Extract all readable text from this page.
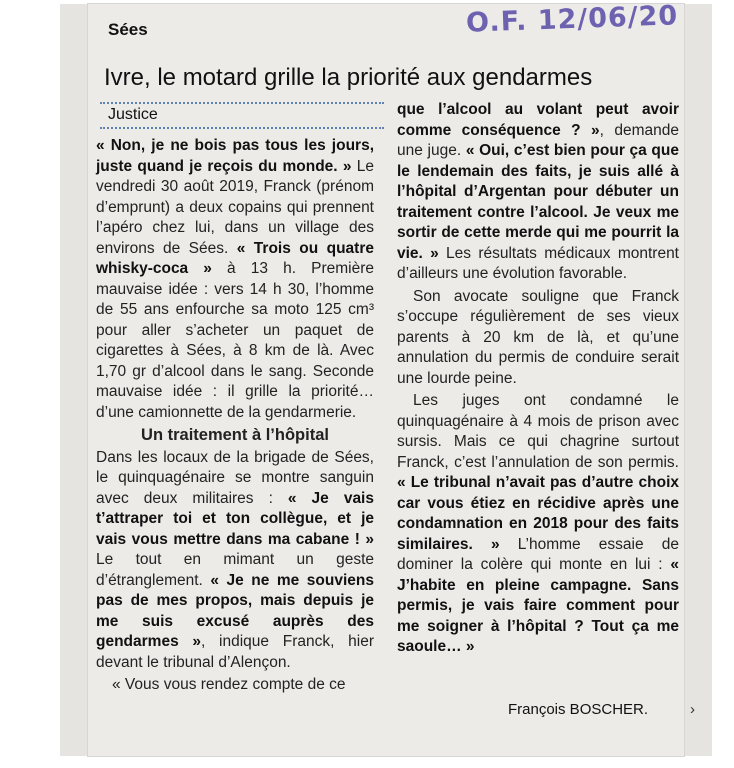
O.F. 12/06/20
Sées
Ivre, le motard grille la priorité aux gendarmes
Justice

« Non, je ne bois pas tous les jours, juste quand je reçois du monde. » Le vendredi 30 août 2019, Franck (prénom d’emprunt) a deux copains qui prennent l’apéro chez lui, dans un village des environs de Sées. « Trois ou quatre whisky-coca » à 13 h. Première mauvaise idée : vers 14 h 30, l’homme de 55 ans enfourche sa moto 125 cm³ pour aller s’acheter un paquet de cigarettes à Sées, à 8 km de là. Avec 1,70 gr d’alcool dans le sang. Seconde mauvaise idée : il grille la priorité… d’une camionnette de la gendarmerie.

Un traitement à l’hôpital

Dans les locaux de la brigade de Sées, le quinquagénaire se montre sanguin avec deux militaires : « Je vais t’attraper toi et ton collègue, et je vais vous mettre dans ma cabane ! » Le tout en mimant un geste d’étranglement. « Je ne me souviens pas de mes propos, mais depuis je me suis excusé auprès des gendarmes », indique Franck, hier devant le tribunal d’Alençon.

« Vous vous rendez compte de ce

que l’alcool au volant peut avoir comme conséquence ? », demande une juge. « Oui, c’est bien pour ça que le lendemain des faits, je suis allé à l’hôpital d’Argentan pour débuter un traitement contre l’alcool. Je veux me sortir de cette merde qui me pourrit la vie. » Les résultats médicaux montrent d’ailleurs une évolution favorable.

Son avocate souligne que Franck s’occupe régulièrement de ses vieux parents à 20 km de là, et qu’une annulation du permis de conduire serait une lourde peine.

Les juges ont condamné le quinquagénaire à 4 mois de prison avec sursis. Mais ce qui chagrine surtout Franck, c’est l’annulation de son permis. « Le tribunal n’avait pas d’autre choix car vous étiez en récidive après une condamnation en 2018 pour des faits similaires. » L’homme essaie de dominer la colère qui monte en lui : « J’habite en pleine campagne. Sans permis, je vais faire comment pour me soigner à l’hôpital ? Tout ça me saoule… »

François BOSCHER.	›
